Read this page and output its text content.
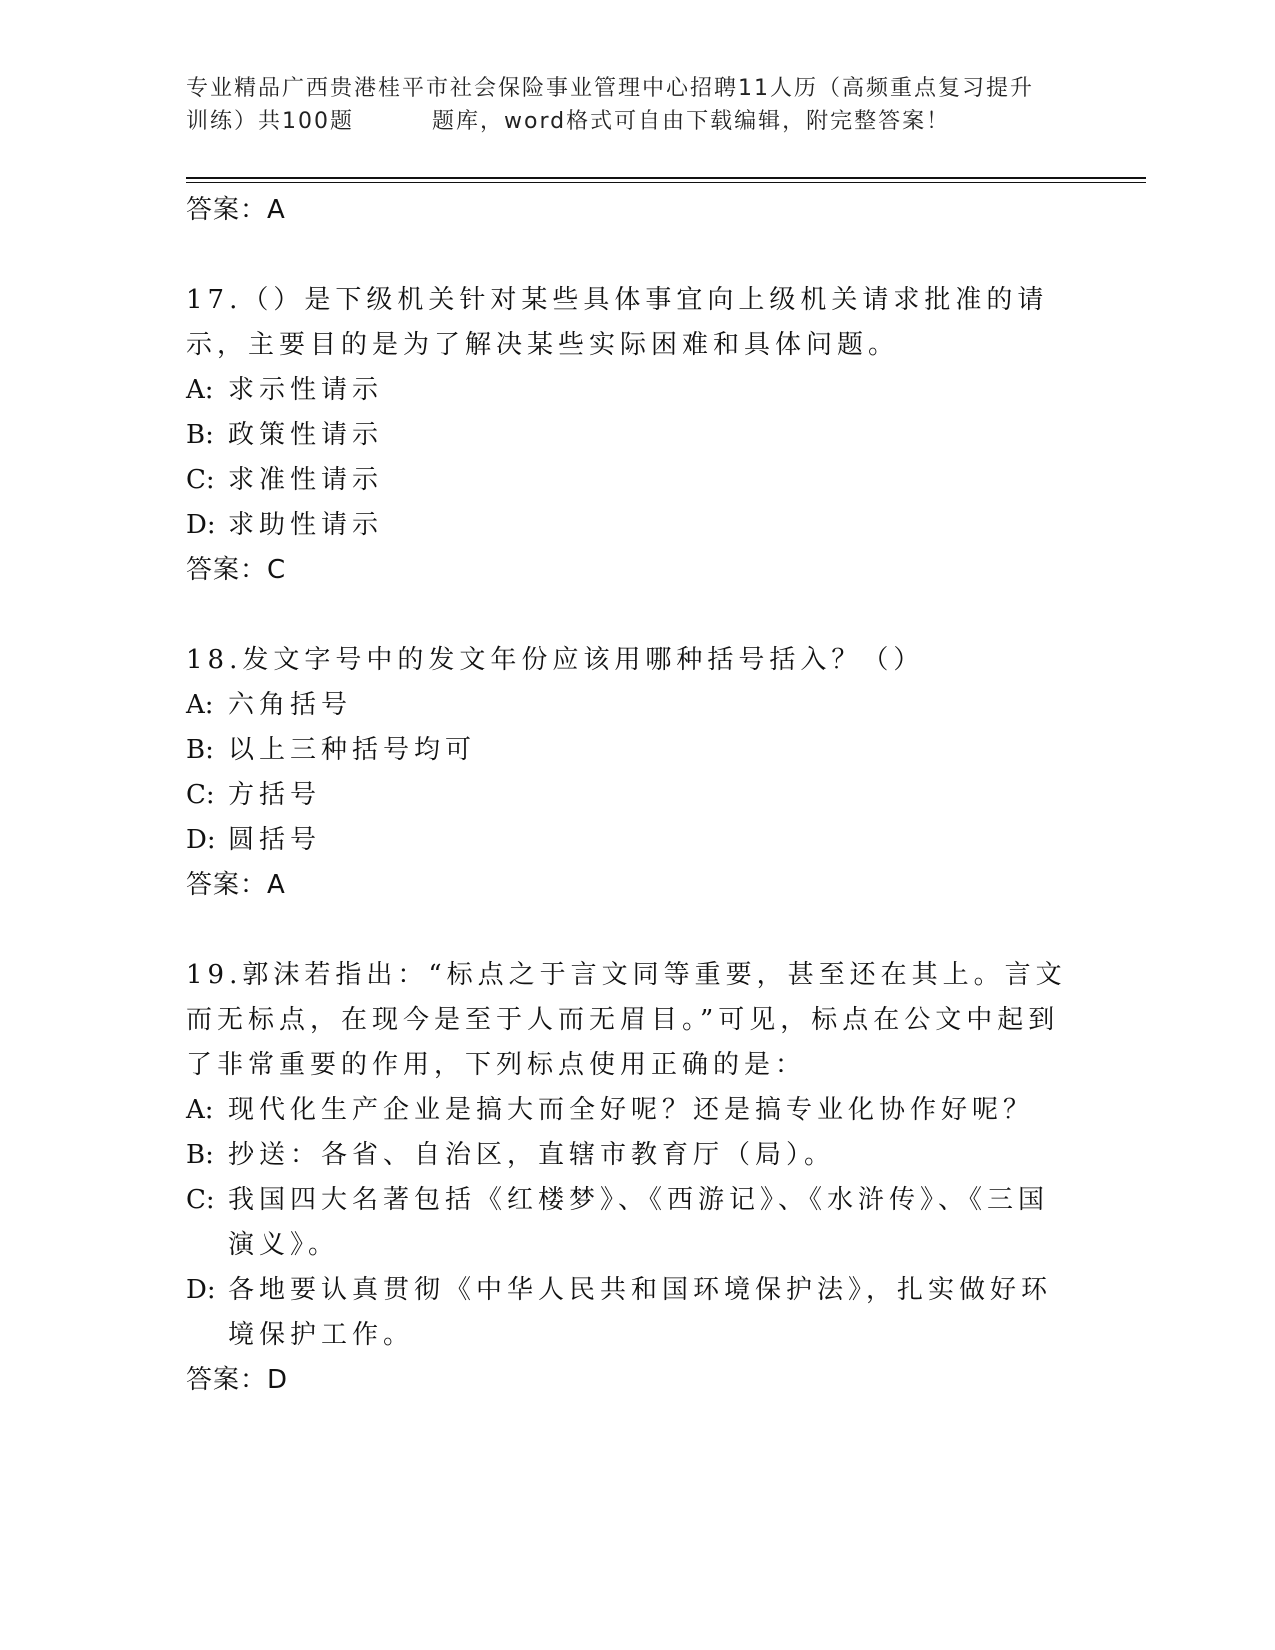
专业精品广西贵港桂平市社会保险事业管理中心招聘11人历（高频重点复习提升
训练）共100题	题库，word格式可自由下载编辑，附完整答案！
答案：A
17.（）是下级机关针对某些具体事宜向上级机关请求批准的请示，主要目的是为了解决某些实际困难和具体问题。
A: 求示性请示
B: 政策性请示
C: 求准性请示
D: 求助性请示
答案：C
18.发文字号中的发文年份应该用哪种括号括入？（）
A: 六角括号
B: 以上三种括号均可
C: 方括号
D: 圆括号
答案：A
19.郭沫若指出：“标点之于言文同等重要，甚至还在其上。言文而无标点，在现今是至于人而无眉目。”可见，标点在公文中起到了非常重要的作用，下列标点使用正确的是：
A: 现代化生产企业是搞大而全好呢？还是搞专业化协作好呢？
B: 抄送：各省、自治区，直辖市教育厅（局）。
C: 我国四大名著包括《红楼梦》、《西游记》、《水浒传》、《三国演义》。
D: 各地要认真贯彻《中华人民共和国环境保护法》，扎实做好环境保护工作。
答案：D
